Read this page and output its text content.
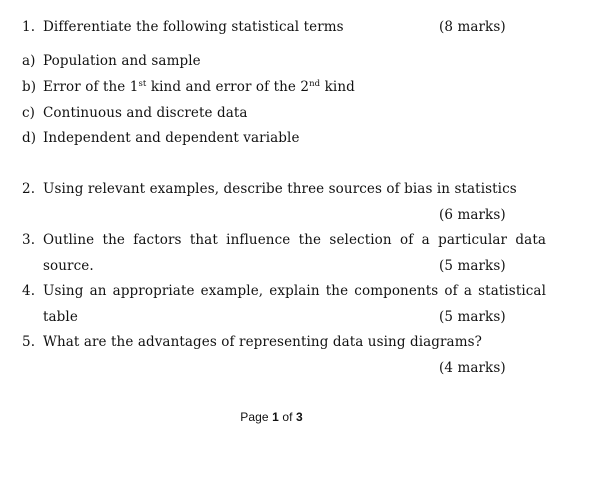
1. Differentiate the following statistical terms	(8 marks)
a) Population and sample
b) Error of the 1st kind and error of the 2nd kind
c) Continuous and discrete data
d) Independent and dependent variable
2. Using relevant examples, describe three sources of bias in statistics
(6 marks)
3. Outline the factors that influence the selection of a particular data
source.	(5 marks)
4. Using an appropriate example, explain the components of a statistical
table	(5 marks)
5. What are the advantages of representing data using diagrams?
(4 marks)
Page 1 of 3
